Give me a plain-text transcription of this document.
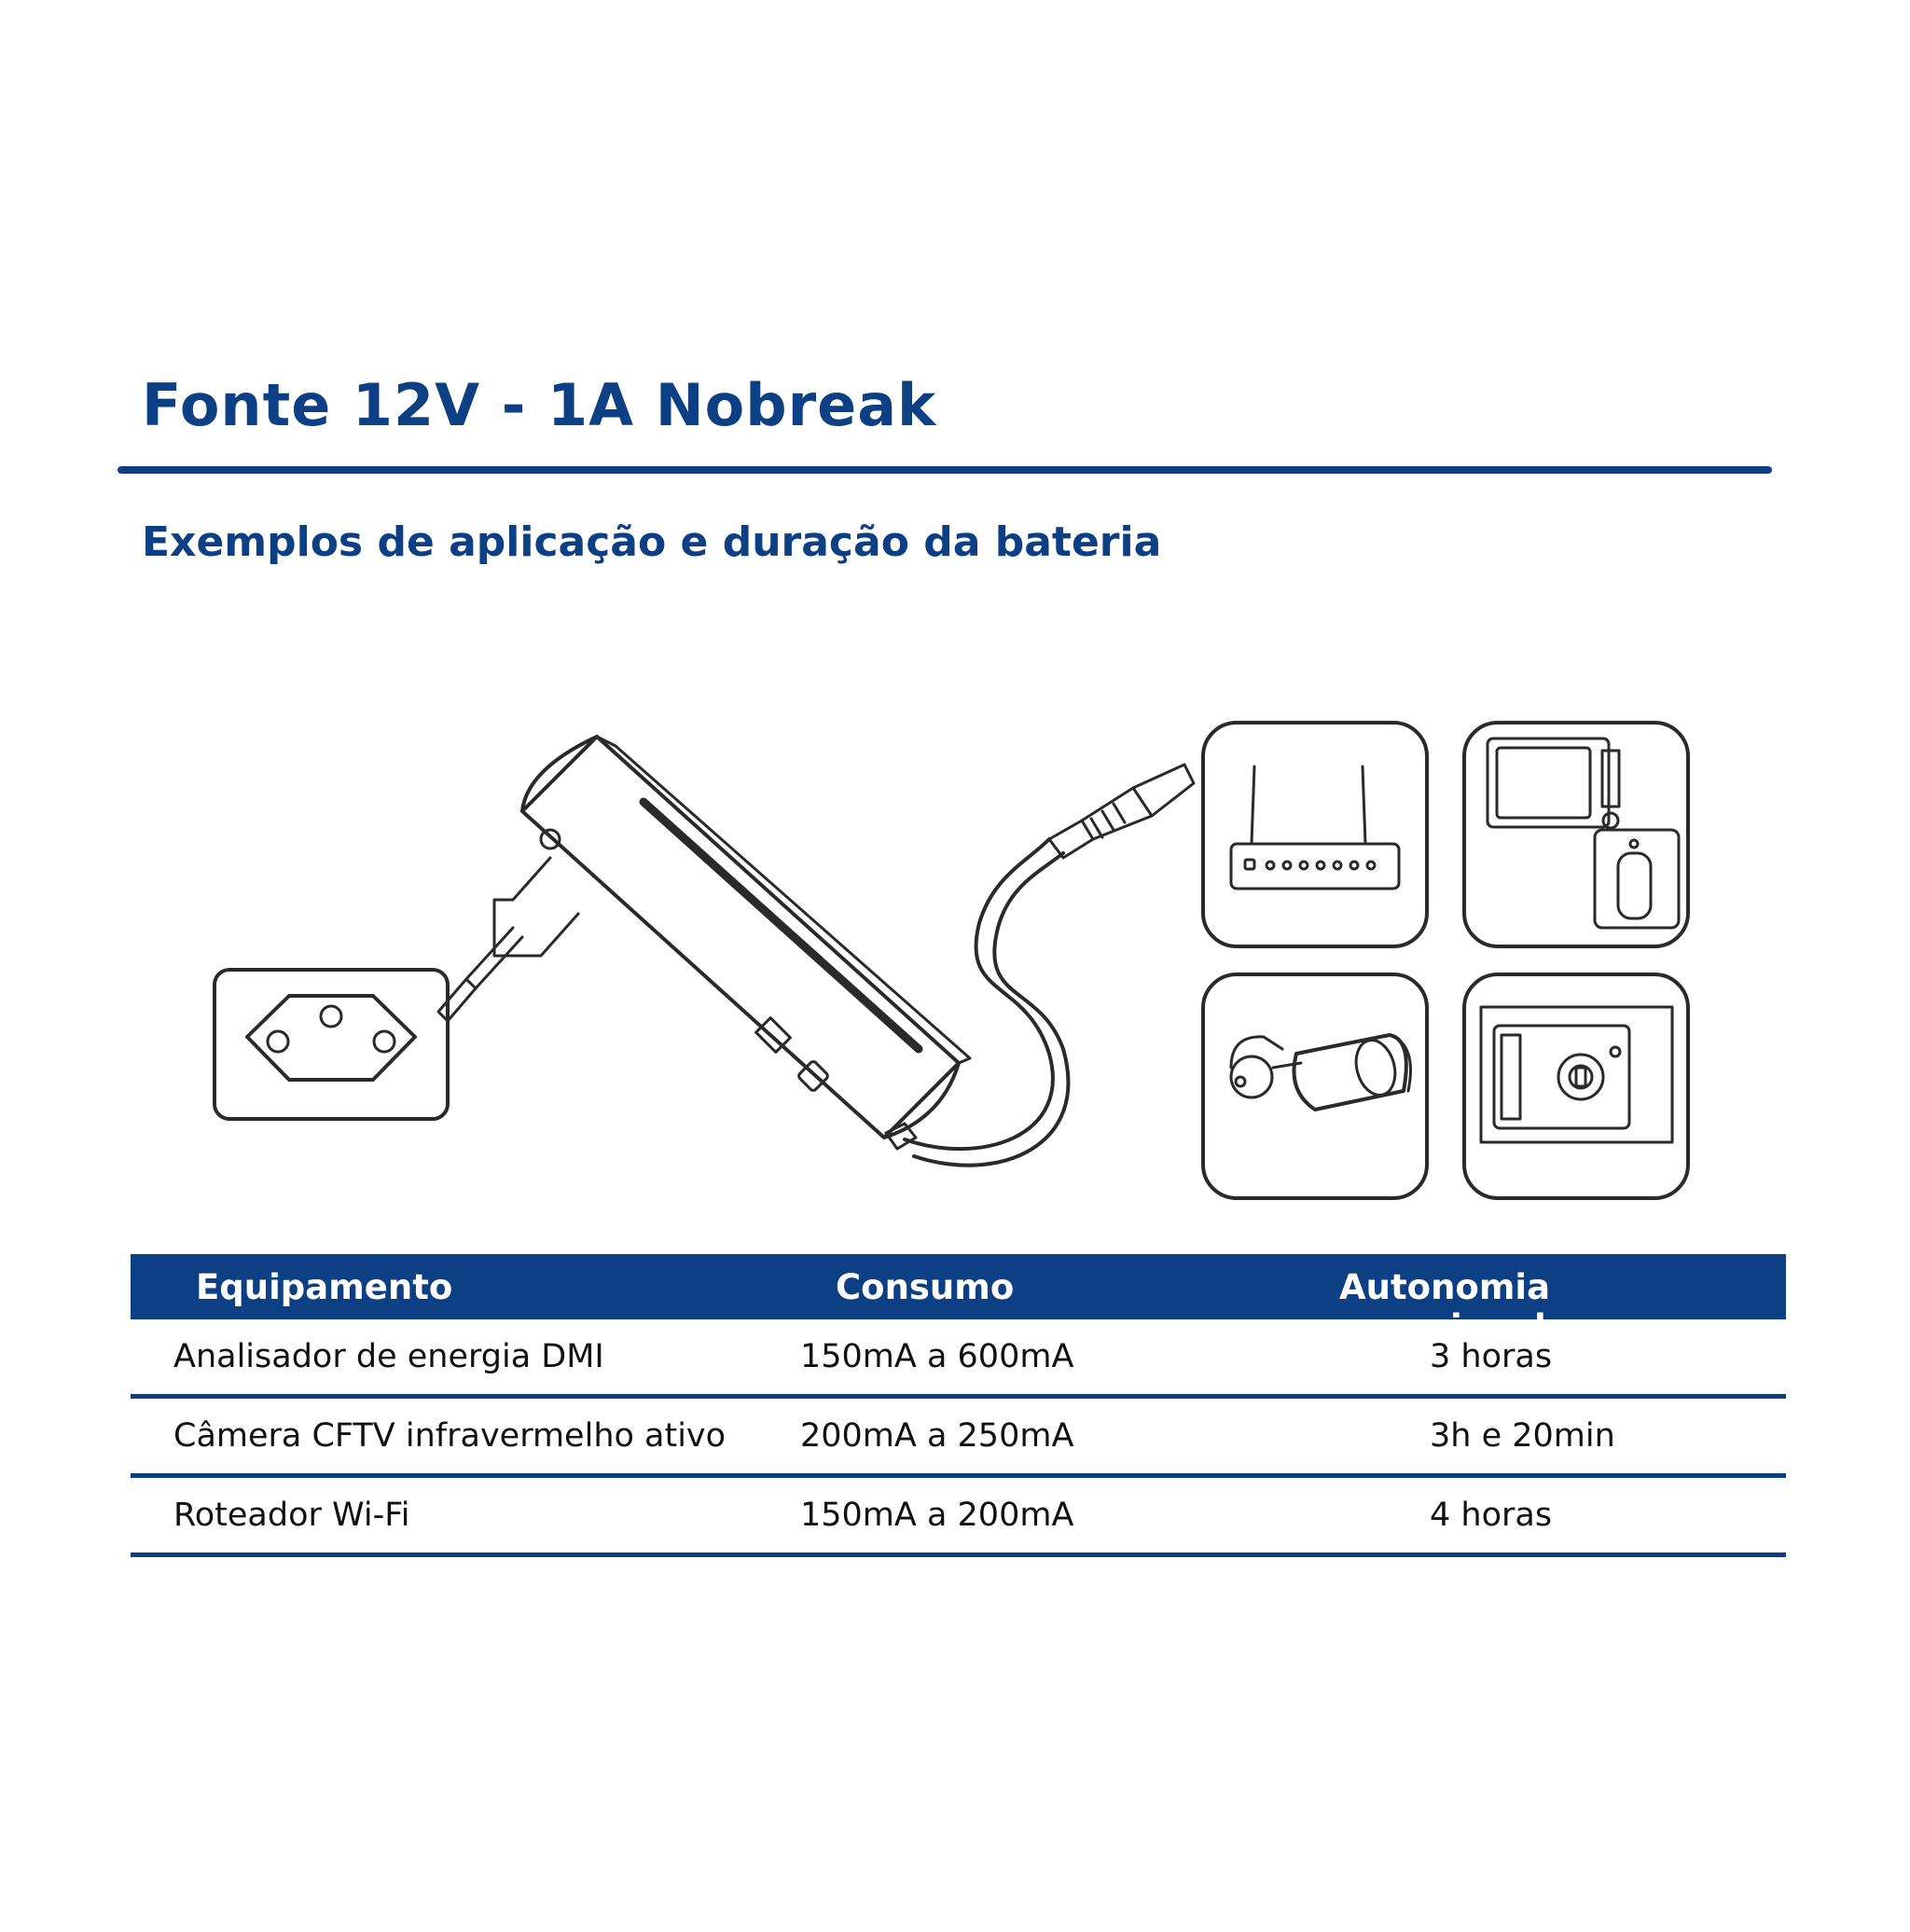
Fonte 12V - 1A Nobreak
Exemplos de aplicação e duração da bateria
Equipamento	Consumo	Autonomia aproximada
Analisador de energia DMI	150mA a 600mA	3 horas
Câmera CFTV infravermelho ativo 200mA a 250mA	3h e 20min
Roteador Wi-Fi	150mA a 200mA	4 horas
